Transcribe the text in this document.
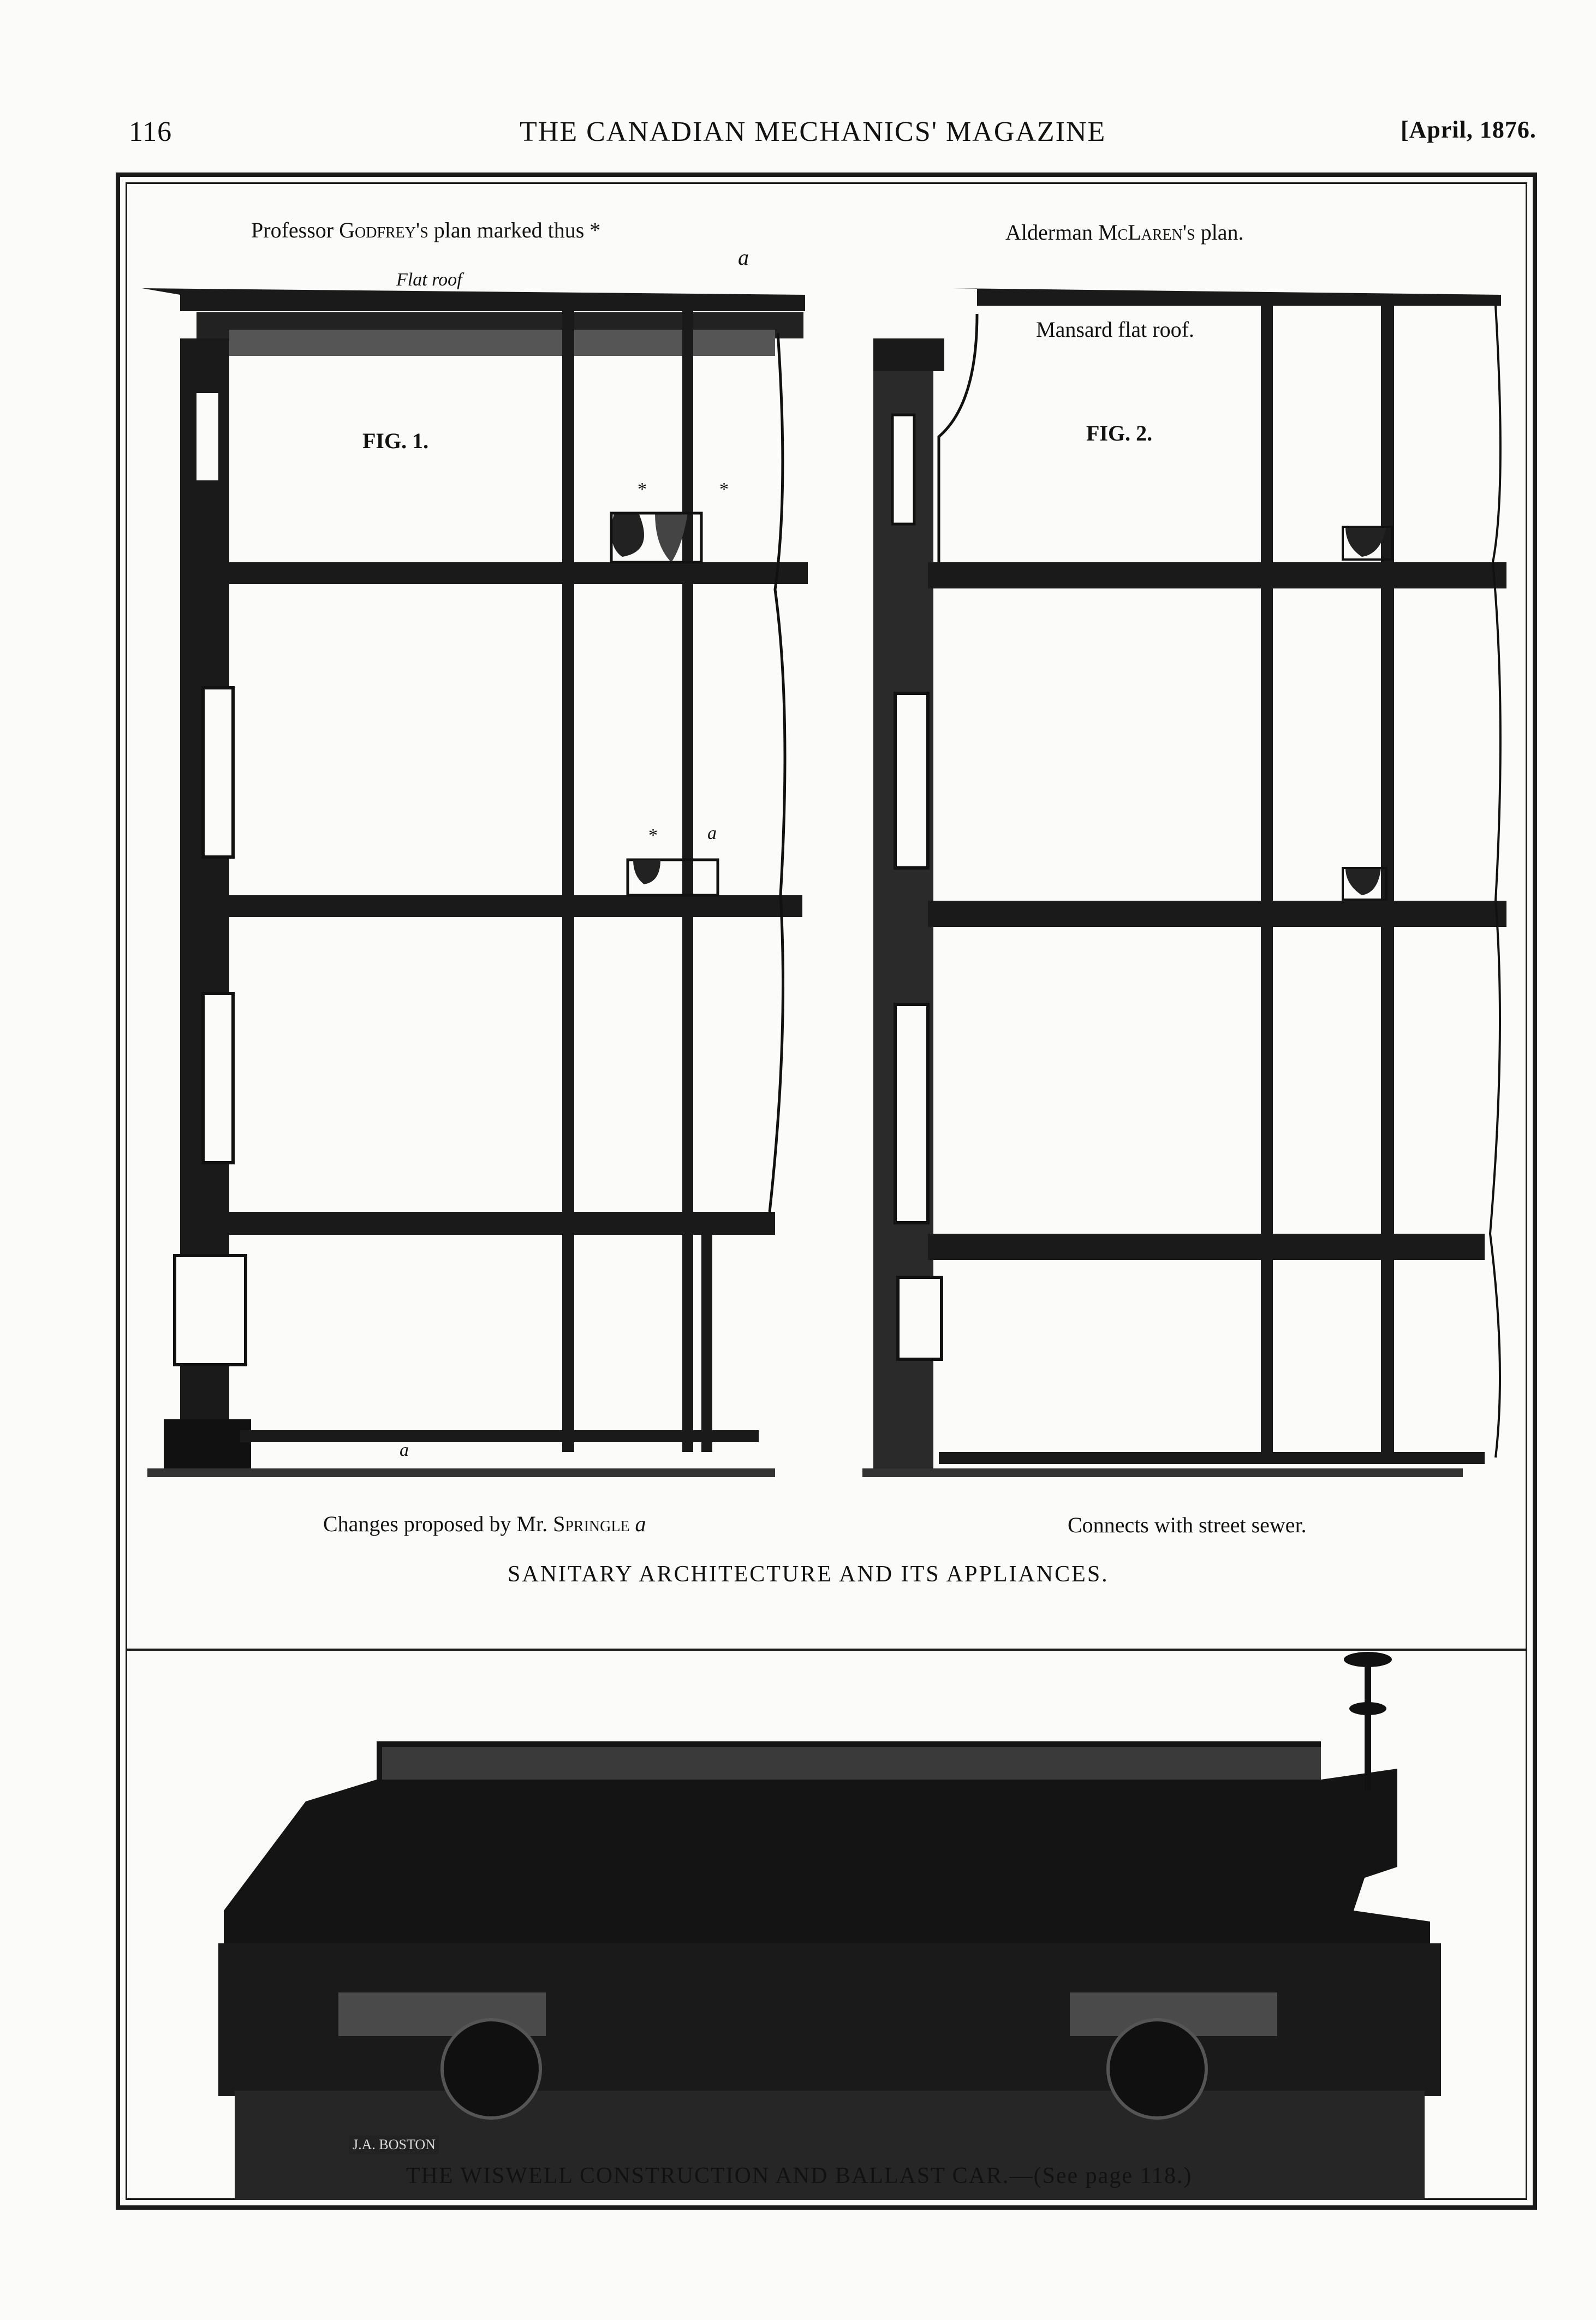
116	THE CANADIAN MECHANICS' MAGAZINE	[April, 1876.
Professor Godfrey's plan marked thus *
a
Flat roof
FIG. 1.
*	*
*	a
a
Alderman McLaren's plan.
Mansard flat roof.
FIG. 2.
Changes proposed by Mr. Springle a	Connects with street sewer.
SANITARY ARCHITECTURE AND ITS APPLIANCES.
J.A. BOSTON
THE WISWELL CONSTRUCTION AND BALLAST CAR.—(See page 118.)
